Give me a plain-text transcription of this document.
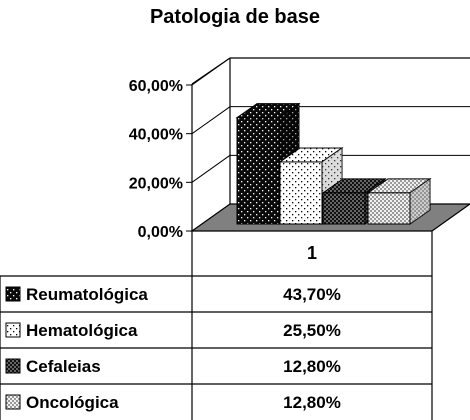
Patologia de base
0,00%
20,00%
40,00%
60,00%
1
Reumatológica	43,70%
Hematológica	25,50%
Cefaleias	12,80%
Oncológica	12,80%
